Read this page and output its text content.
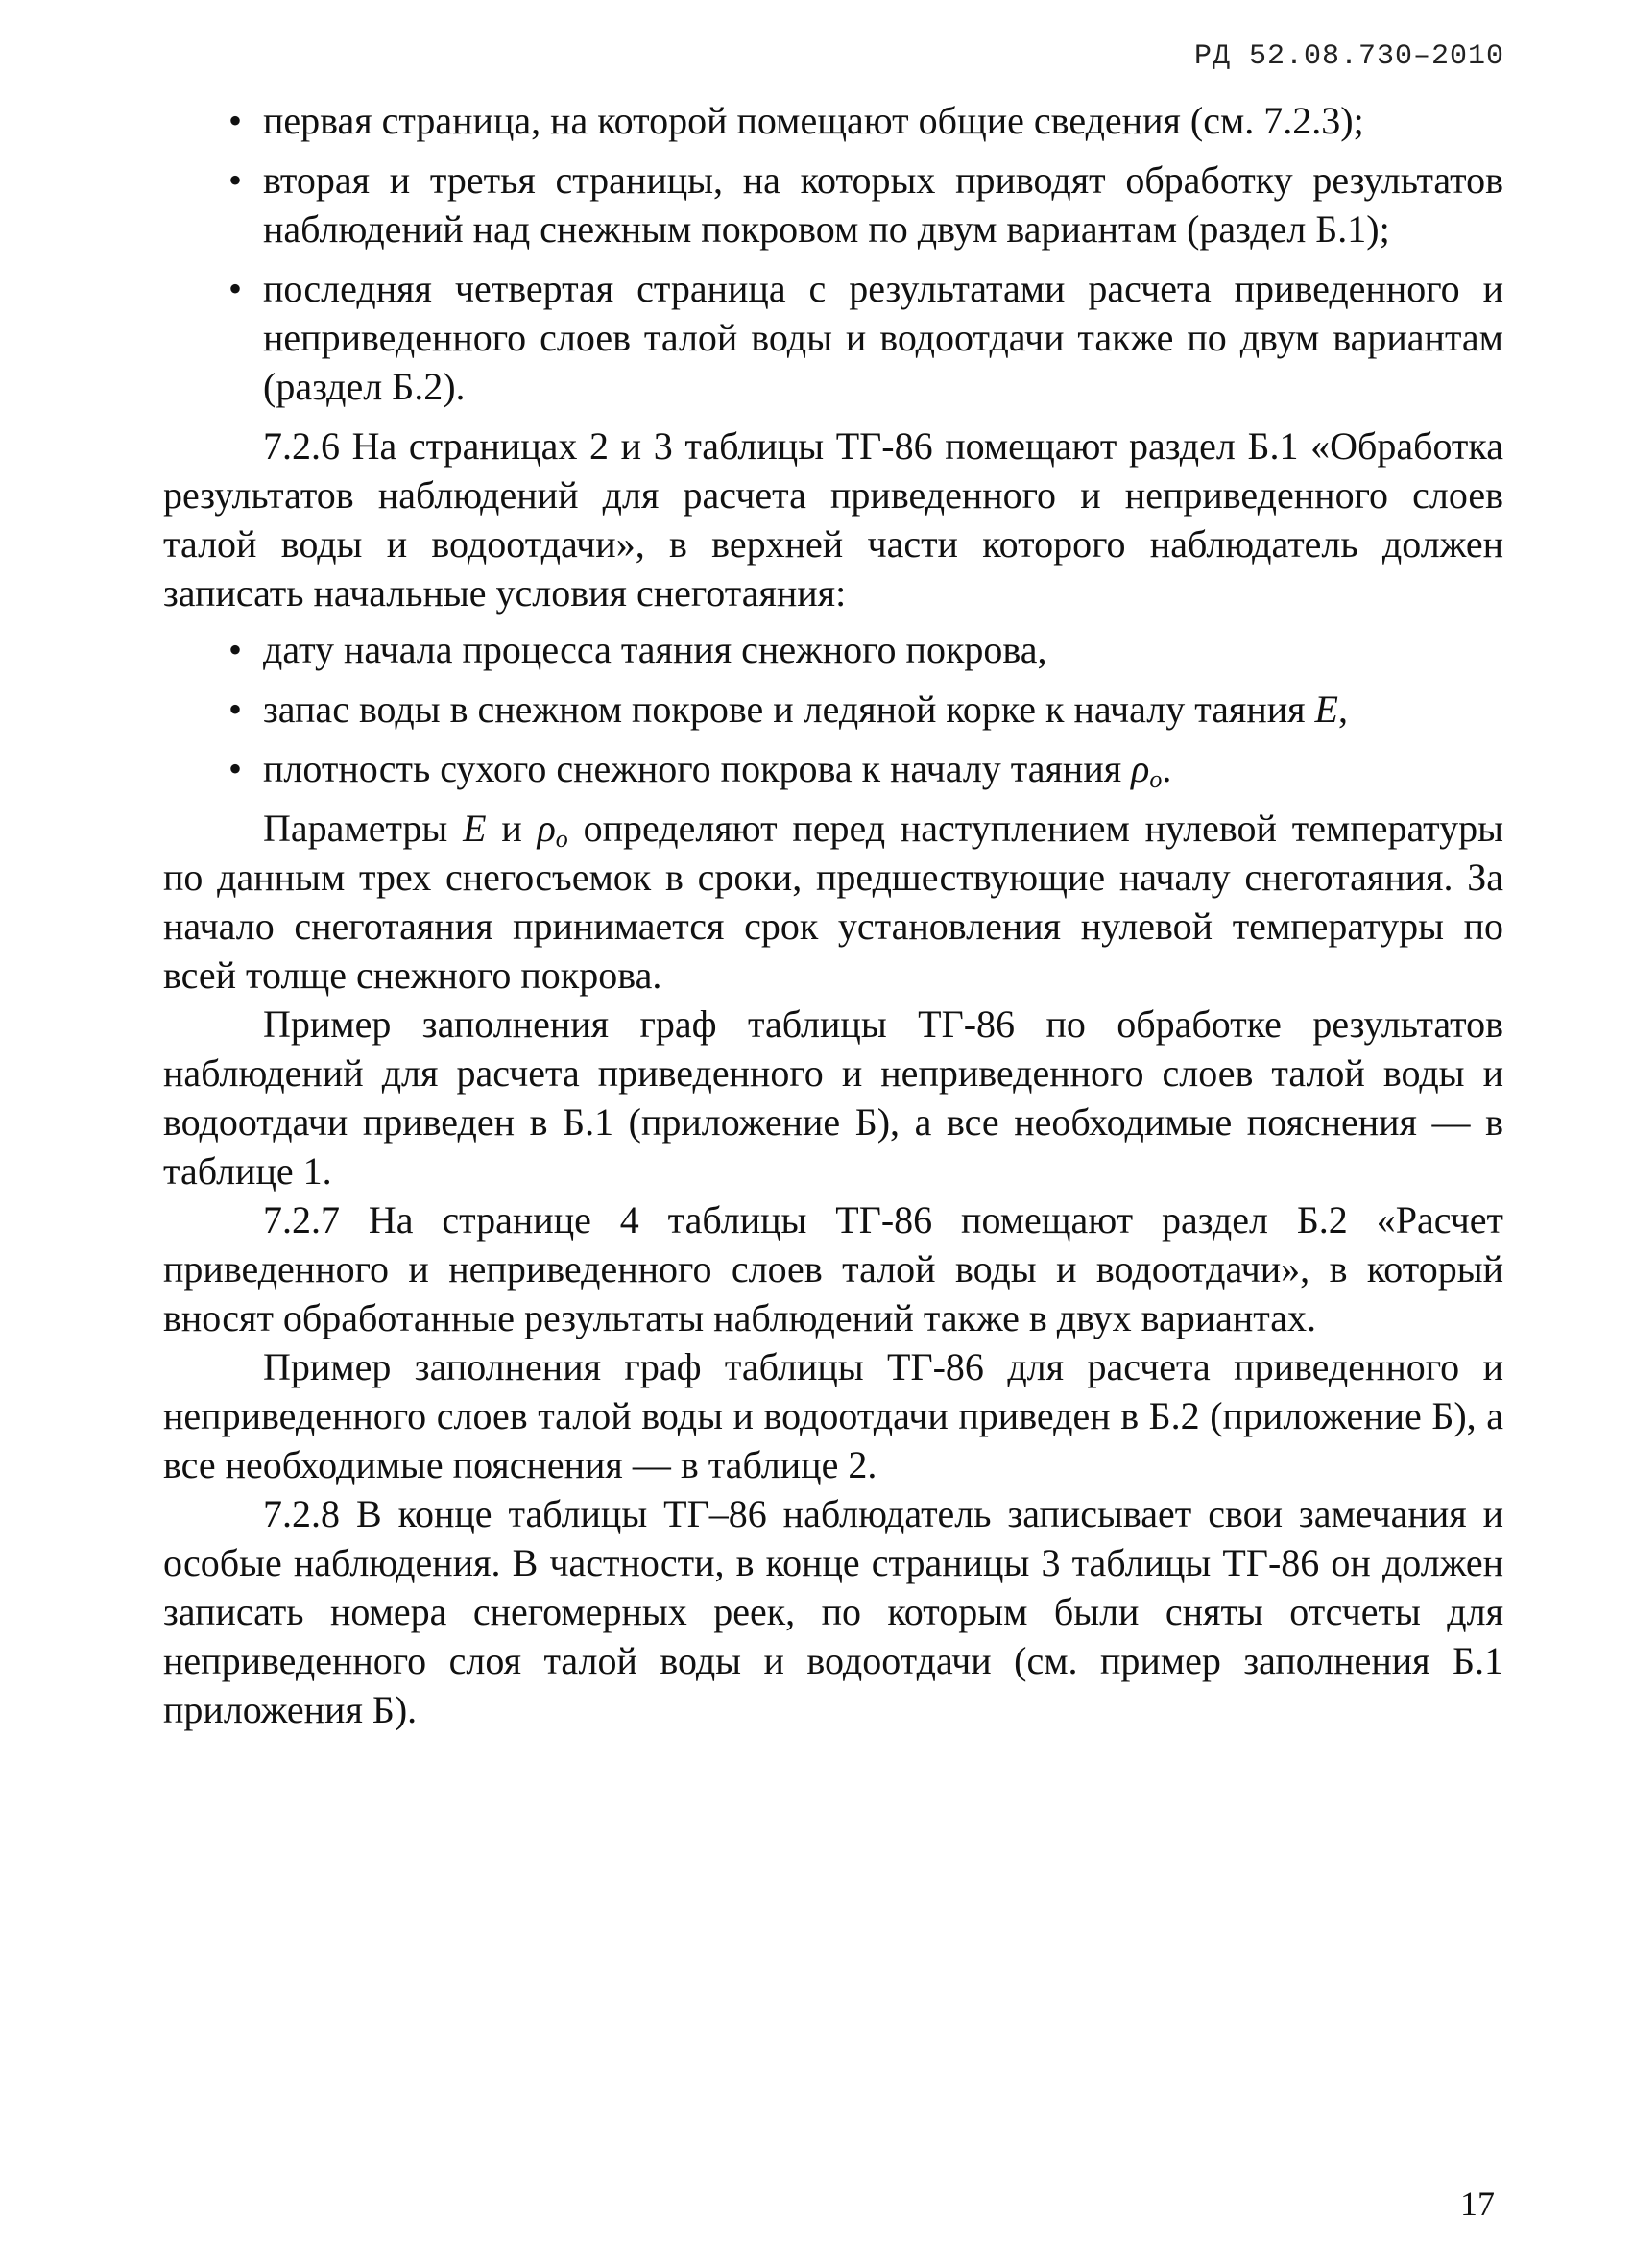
РД 52.08.730–2010

• первая страница, на которой помещают общие сведения (см. 7.2.3);

• вторая и третья страницы, на которых приводят обработку результатов наблюдений над снежным покровом по двум вариантам (раздел Б.1);

• последняя четвертая страница с результатами расчета приведенного и неприведенного слоев талой воды и водоотдачи также по двум вариантам (раздел Б.2).

7.2.6 На страницах 2 и 3 таблицы ТГ-86 помещают раздел Б.1 «Обработка результатов наблюдений для расчета приведенного и неприведенного слоев талой воды и водоотдачи», в верхней части которого наблюдатель должен записать начальные условия снеготаяния:

• дату начала процесса таяния снежного покрова,

• запас воды в снежном покрове и ледяной корке к началу таяния E,

• плотность сухого снежного покрова к началу таяния $\rho_o$.

Параметры E и $\rho_o$ определяют перед наступлением нулевой температуры по данным трех снегосъемок в сроки, предшествующие началу снеготаяния. За начало снеготаяния принимается срок установления нулевой температуры по всей толще снежного покрова.

Пример заполнения граф таблицы ТГ-86 по обработке результатов наблюдений для расчета приведенного и неприведенного слоев талой воды и водоотдачи приведен в Б.1 (приложение Б), а все необходимые пояснения — в таблице 1.

7.2.7 На странице 4 таблицы ТГ-86 помещают раздел Б.2 «Расчет приведенного и неприведенного слоев талой воды и водоотдачи», в который вносят обработанные результаты наблюдений также в двух вариантах.

Пример заполнения граф таблицы ТГ-86 для расчета приведенного и неприведенного слоев талой воды и водоотдачи приведен в Б.2 (приложение Б), а все необходимые пояснения — в таблице 2.

7.2.8 В конце таблицы ТГ–86 наблюдатель записывает свои замечания и особые наблюдения. В частности, в конце страницы 3 таблицы ТГ-86 он должен записать номера снегомерных реек, по которым были сняты отсчеты для неприведенного слоя талой воды и водоотдачи (см. пример заполнения Б.1 приложения Б).

17
